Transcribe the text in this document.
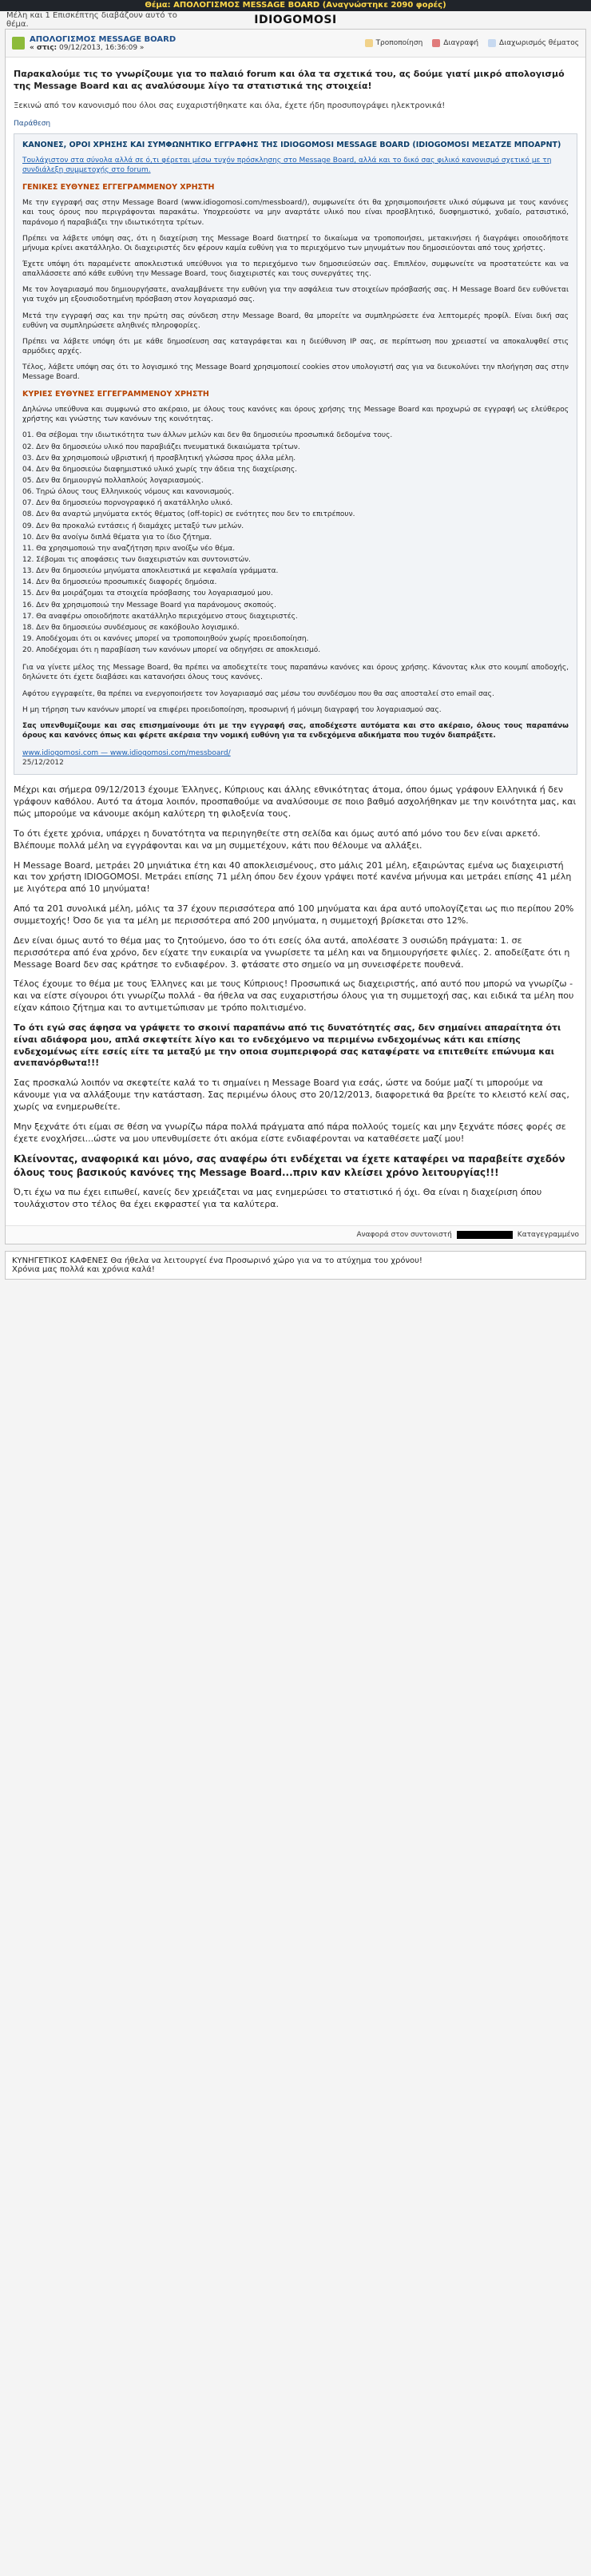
Θέμα: ΑΠΟΛΟΓΙΣΜΟΣ MESSAGE BOARD (Αναγνώστηκε 2090 φορές)
Μέλη και 1 Επισκέπτης διαβάζουν αυτό το θέμα.	IDIOGOMOSI
ΑΠΟΛΟΓΙΣΜΟΣ MESSAGE BOARD
« στις: 09/12/2013, 16:36:09 »
Τροποποίηση	Διαγραφή	Διαχωρισμός θέματος
Παρακαλούμε τις το γνωρίζουμε για το παλαιό forum και όλα τα σχετικά του, ας δούμε γιατί μικρό απολογισμό της Message Board και ας αναλύσουμε λίγο τα στατιστικά της στοιχεία!
Ξεκινώ από τον κανονισμό που όλοι σας ευχαριστήθηκατε και όλα, έχετε ήδη προσυπογράψει ηλεκτρονικά!
Παράθεση
ΚΑΝΟΝΕΣ, ΟΡΟΙ ΧΡΗΣΗΣ ΚΑΙ ΣΥΜΦΩΝΗΤΙΚΟ ΕΓΓΡΑΦΗΣ ΤΗΣ IDIOGOMOSI MESSAGE BOARD (IDIOGOMOSI ΜΕΣΑΤΖΕ ΜΠΟΑΡΝΤ)
Τουλάχιστον στα σύνολα αλλά σε ό,τι φέρεται μέσω τυχόν πρόσκλησης στο Message Board, αλλά και το δικό σας φιλικό κανονισμό σχετικό με τη συνδιάλεξη συμμετοχής στο forum.
ΓΕΝΙΚΕΣ ΕΥΘΥΝΕΣ ΕΓΓΕΓΡΑΜΜΕΝΟΥ ΧΡΗΣΤΗ
Με την εγγραφή σας στην Message Board (www.idiogomosi.com/messboard/), συμφωνείτε ότι θα χρησιμοποιήσετε υλικό σύμφωνα με τους κανόνες και τους όρους που περιγράφονται παρακάτω. Υποχρεούστε να μην αναρτάτε υλικό που είναι προσβλητικό, δυσφημιστικό, χυδαίο, ρατσιστικό, παράνομο ή παραβιάζει την ιδιωτικότητα τρίτων.
Πρέπει να λάβετε υπόψη σας, ότι η διαχείριση της Message Board διατηρεί το δικαίωμα να τροποποιήσει, μετακινήσει ή διαγράψει οποιοδήποτε μήνυμα κρίνει ακατάλληλο. Οι διαχειριστές δεν φέρουν καμία ευθύνη για το περιεχόμενο των μηνυμάτων που δημοσιεύονται από τους χρήστες.
Έχετε υπόψη ότι παραμένετε αποκλειστικά υπεύθυνοι για το περιεχόμενο των δημοσιεύσεών σας. Επιπλέον, συμφωνείτε να προστατεύετε και να απαλλάσσετε από κάθε ευθύνη την Message Board, τους διαχειριστές και τους συνεργάτες της.
Με τον λογαριασμό που δημιουργήσατε, αναλαμβάνετε την ευθύνη για την ασφάλεια των στοιχείων πρόσβασής σας. Η Message Board δεν ευθύνεται για τυχόν μη εξουσιοδοτημένη πρόσβαση στον λογαριασμό σας.
Μετά την εγγραφή σας και την πρώτη σας σύνδεση στην Message Board, θα μπορείτε να συμπληρώσετε ένα λεπτομερές προφίλ. Είναι δική σας ευθύνη να συμπληρώσετε αληθινές πληροφορίες.
Πρέπει να λάβετε υπόψη ότι με κάθε δημοσίευση σας καταγράφεται και η διεύθυνση IP σας, σε περίπτωση που χρειαστεί να αποκαλυφθεί στις αρμόδιες αρχές.
Τέλος, λάβετε υπόψη σας ότι το λογισμικό της Message Board χρησιμοποιεί cookies στον υπολογιστή σας για να διευκολύνει την πλοήγηση σας στην Message Board.
ΚΥΡΙΕΣ ΕΥΘΥΝΕΣ ΕΓΓΕΓΡΑΜΜΕΝΟΥ ΧΡΗΣΤΗ
Δηλώνω υπεύθυνα και συμφωνώ στο ακέραιο, με όλους τους κανόνες και όρους χρήσης της Message Board και προχωρώ σε εγγραφή ως ελεύθερος χρήστης και γνώστης των κανόνων της κοινότητας.
01. Θα σέβομαι την ιδιωτικότητα των άλλων μελών και δεν θα δημοσιεύω προσωπικά δεδομένα τους.
02. Δεν θα δημοσιεύω υλικό που παραβιάζει πνευματικά δικαιώματα τρίτων.
03. Δεν θα χρησιμοποιώ υβριστική ή προσβλητική γλώσσα προς άλλα μέλη.
04. Δεν θα δημοσιεύω διαφημιστικό υλικό χωρίς την άδεια της διαχείρισης.
05. Δεν θα δημιουργώ πολλαπλούς λογαριασμούς.
06. Τηρώ όλους τους Ελληνικούς νόμους και κανονισμούς.
07. Δεν θα δημοσιεύω πορνογραφικό ή ακατάλληλο υλικό.
08. Δεν θα αναρτώ μηνύματα εκτός θέματος (off-topic) σε ενότητες που δεν το επιτρέπουν.
09. Δεν θα προκαλώ εντάσεις ή διαμάχες μεταξύ των μελών.
10. Δεν θα ανοίγω διπλά θέματα για το ίδιο ζήτημα.
11. Θα χρησιμοποιώ την αναζήτηση πριν ανοίξω νέο θέμα.
12. Σέβομαι τις αποφάσεις των διαχειριστών και συντονιστών.
13. Δεν θα δημοσιεύω μηνύματα αποκλειστικά με κεφαλαία γράμματα.
14. Δεν θα δημοσιεύω προσωπικές διαφορές δημόσια.
15. Δεν θα μοιράζομαι τα στοιχεία πρόσβασης του λογαριασμού μου.
16. Δεν θα χρησιμοποιώ την Message Board για παράνομους σκοπούς.
17. Θα αναφέρω οποιοδήποτε ακατάλληλο περιεχόμενο στους διαχειριστές.
18. Δεν θα δημοσιεύω συνδέσμους σε κακόβουλο λογισμικό.
19. Αποδέχομαι ότι οι κανόνες μπορεί να τροποποιηθούν χωρίς προειδοποίηση.
20. Αποδέχομαι ότι η παραβίαση των κανόνων μπορεί να οδηγήσει σε αποκλεισμό.
Για να γίνετε μέλος της Message Board, θα πρέπει να αποδεχτείτε τους παραπάνω κανόνες και όρους χρήσης. Κάνοντας κλικ στο κουμπί αποδοχής, δηλώνετε ότι έχετε διαβάσει και κατανοήσει όλους τους κανόνες.
Αφότου εγγραφείτε, θα πρέπει να ενεργοποιήσετε τον λογαριασμό σας μέσω του συνδέσμου που θα σας αποσταλεί στο email σας.
Η μη τήρηση των κανόνων μπορεί να επιφέρει προειδοποίηση, προσωρινή ή μόνιμη διαγραφή του λογαριασμού σας.
Σας υπενθυμίζουμε και σας επισημαίνουμε ότι με την εγγραφή σας, αποδέχεστε αυτόματα και στο ακέραιο, όλους τους παραπάνω όρους και κανόνες όπως και φέρετε ακέραια την νομική ευθύνη για τα ενδεχόμενα αδικήματα που τυχόν διαπράξετε.
www.idiogomosi.com — www.idiogomosi.com/messboard/
25/12/2012

Μέχρι και σήμερα 09/12/2013 έχουμε Έλληνες, Κύπριους και άλλης εθνικότητας άτομα, όπου όμως γράφουν Ελληνικά ή δεν γράφουν καθόλου. Αυτό τα άτομα λοιπόν, προσπαθούμε να αναλύσουμε σε ποιο βαθμό ασχολήθηκαν με την κοινότητα μας, και πώς μπορούμε να κάνουμε ακόμη καλύτερη τη φιλοξενία τους.

Το ότι έχετε χρόνια, υπάρχει η δυνατότητα να περιηγηθείτε στη σελίδα και όμως αυτό από μόνο του δεν είναι αρκετό. Βλέπουμε πολλά μέλη να εγγράφονται και να μη συμμετέχουν, κάτι που θέλουμε να αλλάξει.

Η Message Board, μετράει 20 μηνιάτικα έτη και 40 αποκλεισμένους, στο μάλις 201 μέλη, εξαιρώντας εμένα ως διαχειριστή και τον χρήστη IDIOGOMOSI. Μετράει επίσης 71 μέλη όπου δεν έχουν γράψει ποτέ κανένα μήνυμα και μετράει επίσης 41 μέλη με λιγότερα από 10 μηνύματα!

Από τα 201 συνολικά μέλη, μόλις τα 37 έχουν περισσότερα από 100 μηνύματα και άρα αυτό υπολογίζεται ως πιο περίπου 20% συμμετοχής! Όσο δε για τα μέλη με περισσότερα από 200 μηνύματα, η συμμετοχή βρίσκεται στο 12%.

Δεν είναι όμως αυτό το θέμα μας το ζητούμενο, όσο το ότι εσείς όλα αυτά, απολέσατε 3 ουσιώδη πράγματα: 1. σε περισσότερα από ένα χρόνο, δεν είχατε την ευκαιρία να γνωρίσετε τα μέλη και να δημιουργήσετε φιλίες. 2. αποδείξατε ότι η Message Board δεν σας κράτησε το ενδιαφέρον. 3. φτάσατε στο σημείο να μη συνεισφέρετε πουθενά.

Τέλος έχουμε το θέμα με τους Έλληνες και με τους Κύπριους! Προσωπικά ως διαχειριστής, από αυτό που μπορώ να γνωρίζω - και να είστε σίγουροι ότι γνωρίζω πολλά - θα ήθελα να σας ευχαριστήσω όλους για τη συμμετοχή σας, και ειδικά τα μέλη που είχαν κάποιο ζήτημα και το αντιμετώπισαν με τρόπο πολιτισμένο.

Το ότι εγώ σας άφησα να γράψετε το σκοινί παραπάνω από τις δυνατότητές σας, δεν σημαίνει απαραίτητα ότι είναι αδιάφορα μου, απλά σκεφτείτε λίγο και το ενδεχόμενο να περιμένω ενδεχομένως κάτι και επίσης ενδεχομένως είτε εσείς είτε τα μεταξύ με την οποια συμπεριφορά σας καταφέρατε να επιτεθείτε επώνυμα και ανεπανόρθωτα!!!

Σας προσκαλώ λοιπόν να σκεφτείτε καλά το τι σημαίνει η Message Board για εσάς, ώστε να δούμε μαζί τι μπορούμε να κάνουμε για να αλλάξουμε την κατάσταση. Σας περιμένω όλους στο 20/12/2013, διαφορετικά θα βρείτε το κλειστό κελί σας, χωρίς να ενημερωθείτε.

Μην ξεχνάτε ότι είμαι σε θέση να γνωρίζω πάρα πολλά πράγματα από πάρα πολλούς τομείς και μην ξεχνάτε πόσες φορές σε έχετε ενοχλήσει...ώστε να μου υπενθυμίσετε ότι ακόμα είστε ενδιαφέρονται να καταθέσετε μαζί μου!

Κλείνοντας, αναφορικά και μόνο, σας αναφέρω ότι ενδέχεται να έχετε καταφέρει να παραβείτε σχεδόν όλους τους βασικούς κανόνες της Message Board...πριν καν κλείσει χρόνο λειτουργίας!!!

Ό,τι έχω να πω έχει ειπωθεί, κανείς δεν χρειάζεται να μας ενημερώσει το στατιστικό ή όχι. Θα είναι η διαχείριση όπου τουλάχιστον στο τέλος θα έχει εκφραστεί για τα καλύτερα.

Αναφορά στον συντονιστή	Καταγεγραμμένο
ΚΥΝΗΓΕΤΙΚΟΣ ΚΑΦΕΝΕΣ Θα ήθελα να λειτουργεί ένα Προσωρινό χώρο για να το ατύχημα του χρόνου!
Χρόνια μας πολλά και χρόνια καλά!
